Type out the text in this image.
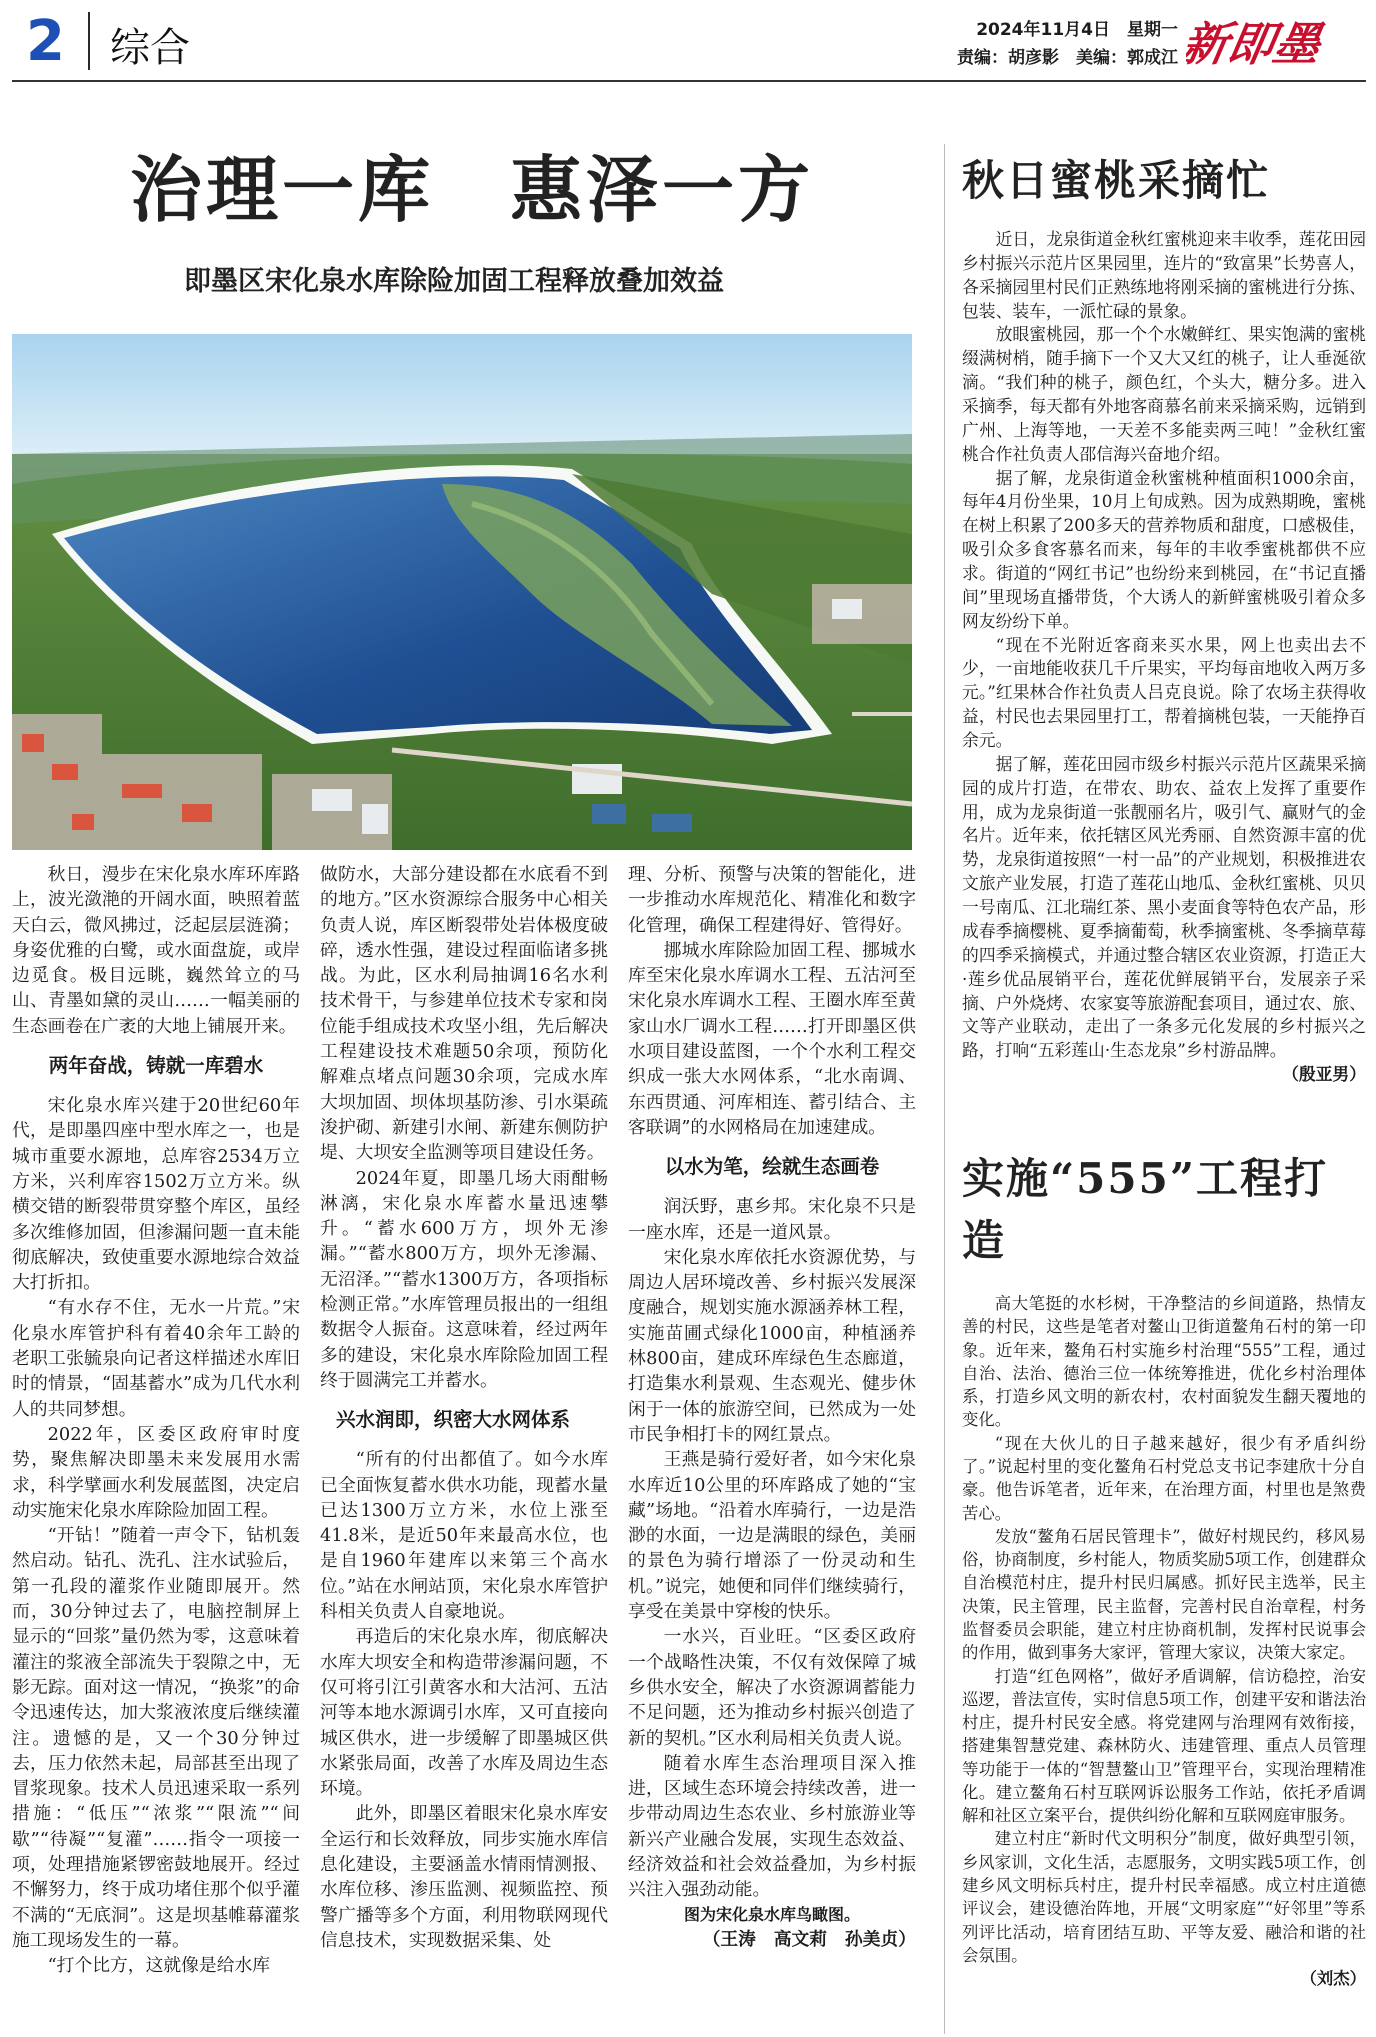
2 综合	2024年11月4日　星期一
责编：胡彦影　美编：郭成江 新即墨
治理一库　惠泽一方
即墨区宋化泉水库除险加固工程释放叠加效益

秋日，漫步在宋化泉水库环库路上，波光潋滟的开阔水面，映照着蓝天白云，微风拂过，泛起层层涟漪；身姿优雅的白鹭，或水面盘旋，或岸边觅食。极目远眺，巍然耸立的马山、青墨如黛的灵山……一幅美丽的生态画卷在广袤的大地上铺展开来。

两年奋战，铸就一库碧水

宋化泉水库兴建于20世纪60年代，是即墨四座中型水库之一，也是城市重要水源地，总库容2534万立方米，兴利库容1502万立方米。纵横交错的断裂带贯穿整个库区，虽经多次维修加固，但渗漏问题一直未能彻底解决，致使重要水源地综合效益大打折扣。

“有水存不住，无水一片荒。”宋化泉水库管护科有着40余年工龄的老职工张毓泉向记者这样描述水库旧时的情景，“固基蓄水”成为几代水利人的共同梦想。

2022年，区委区政府审时度势，聚焦解决即墨未来发展用水需求，科学擘画水利发展蓝图，决定启动实施宋化泉水库除险加固工程。

“开钻！”随着一声令下，钻机轰然启动。钻孔、洗孔、注水试验后，第一孔段的灌浆作业随即展开。然而，30分钟过去了，电脑控制屏上显示的“回浆”量仍然为零，这意味着灌注的浆液全部流失于裂隙之中，无影无踪。面对这一情况，“换浆”的命令迅速传达，加大浆液浓度后继续灌注。遗憾的是，又一个30分钟过去，压力依然未起，局部甚至出现了冒浆现象。技术人员迅速采取一系列措施：“低压”“浓浆”“限流”“间歇”“待凝”“复灌”……指令一项接一项，处理措施紧锣密鼓地展开。经过不懈努力，终于成功堵住那个似乎灌不满的“无底洞”。这是坝基帷幕灌浆施工现场发生的一幕。

“打个比方，这就像是给水库

做防水，大部分建设都在水底看不到的地方。”区水资源综合服务中心相关负责人说，库区断裂带处岩体极度破碎，透水性强，建设过程面临诸多挑战。为此，区水利局抽调16名水利技术骨干，与参建单位技术专家和岗位能手组成技术攻坚小组，先后解决工程建设技术难题50余项，预防化解难点堵点问题30余项，完成水库大坝加固、坝体坝基防渗、引水渠疏浚护砌、新建引水闸、新建东侧防护堤、大坝安全监测等项目建设任务。

2024年夏，即墨几场大雨酣畅淋漓，宋化泉水库蓄水量迅速攀升。“蓄水600万方，坝外无渗漏。”“蓄水800万方，坝外无渗漏、无沼泽。”“蓄水1300万方，各项指标检测正常。”水库管理员报出的一组组数据令人振奋。这意味着，经过两年多的建设，宋化泉水库除险加固工程终于圆满完工并蓄水。

兴水润即，织密大水网体系

“所有的付出都值了。如今水库已全面恢复蓄水供水功能，现蓄水量已达1300万立方米，水位上涨至41.8米，是近50年来最高水位，也是自1960年建库以来第三个高水位。”站在水闸站顶，宋化泉水库管护科相关负责人自豪地说。

再造后的宋化泉水库，彻底解决水库大坝安全和构造带渗漏问题，不仅可将引江引黄客水和大沽河、五沽河等本地水源调引水库，又可直接向城区供水，进一步缓解了即墨城区供水紧张局面，改善了水库及周边生态环境。

此外，即墨区着眼宋化泉水库安全运行和长效释放，同步实施水库信息化建设，主要涵盖水情雨情测报、水库位移、渗压监测、视频监控、预警广播等多个方面，利用物联网现代信息技术，实现数据采集、处

理、分析、预警与决策的智能化，进一步推动水库规范化、精准化和数字化管理，确保工程建得好、管得好。

挪城水库除险加固工程、挪城水库至宋化泉水库调水工程、五沽河至宋化泉水库调水工程、王圈水库至黄家山水厂调水工程……打开即墨区供水项目建设蓝图，一个个水利工程交织成一张大水网体系，“北水南调、东西贯通、河库相连、蓄引结合、主客联调”的水网格局在加速建成。

以水为笔，绘就生态画卷

润沃野，惠乡邦。宋化泉不只是一座水库，还是一道风景。

宋化泉水库依托水资源优势，与周边人居环境改善、乡村振兴发展深度融合，规划实施水源涵养林工程，实施苗圃式绿化1000亩，种植涵养林800亩，建成环库绿色生态廊道，打造集水利景观、生态观光、健步休闲于一体的旅游空间，已然成为一处市民争相打卡的网红景点。

王燕是骑行爱好者，如今宋化泉水库近10公里的环库路成了她的“宝藏”场地。“沿着水库骑行，一边是浩渺的水面，一边是满眼的绿色，美丽的景色为骑行增添了一份灵动和生机。”说完，她便和同伴们继续骑行，享受在美景中穿梭的快乐。

一水兴，百业旺。“区委区政府一个战略性决策，不仅有效保障了城乡供水安全，解决了水资源调蓄能力不足问题，还为推动乡村振兴创造了新的契机。”区水利局相关负责人说。

随着水库生态治理项目深入推进，区域生态环境会持续改善，进一步带动周边生态农业、乡村旅游业等新兴产业融合发展，实现生态效益、经济效益和社会效益叠加，为乡村振兴注入强劲动能。

图为宋化泉水库鸟瞰图。
（王涛　高文莉　孙美贞）
秋日蜜桃采摘忙

近日，龙泉街道金秋红蜜桃迎来丰收季，莲花田园乡村振兴示范片区果园里，连片的“致富果”长势喜人，各采摘园里村民们正熟练地将刚采摘的蜜桃进行分拣、包装、装车，一派忙碌的景象。

放眼蜜桃园，那一个个水嫩鲜红、果实饱满的蜜桃缀满树梢，随手摘下一个又大又红的桃子，让人垂涎欲滴。“我们种的桃子，颜色红，个头大，糖分多。进入采摘季，每天都有外地客商慕名前来采摘采购，远销到广州、上海等地，一天差不多能卖两三吨！”金秋红蜜桃合作社负责人邵信海兴奋地介绍。

据了解，龙泉街道金秋蜜桃种植面积1000余亩，每年4月份坐果，10月上旬成熟。因为成熟期晚，蜜桃在树上积累了200多天的营养物质和甜度，口感极佳，吸引众多食客慕名而来，每年的丰收季蜜桃都供不应求。街道的“网红书记”也纷纷来到桃园，在“书记直播间”里现场直播带货，个大诱人的新鲜蜜桃吸引着众多网友纷纷下单。

“现在不光附近客商来买水果，网上也卖出去不少，一亩地能收获几千斤果实，平均每亩地收入两万多元。”红果林合作社负责人吕克良说。除了农场主获得收益，村民也去果园里打工，帮着摘桃包装，一天能挣百余元。

据了解，莲花田园市级乡村振兴示范片区蔬果采摘园的成片打造，在带农、助农、益农上发挥了重要作用，成为龙泉街道一张靓丽名片，吸引气、赢财气的金名片。近年来，依托辖区风光秀丽、自然资源丰富的优势，龙泉街道按照“一村一品”的产业规划，积极推进农文旅产业发展，打造了莲花山地瓜、金秋红蜜桃、贝贝一号南瓜、江北瑞红茶、黑小麦面食等特色农产品，形成春季摘樱桃、夏季摘葡萄，秋季摘蜜桃、冬季摘草莓的四季采摘模式，并通过整合辖区农业资源，打造正大·莲乡优品展销平台，莲花优鲜展销平台，发展亲子采摘、户外烧烤、农家宴等旅游配套项目，通过农、旅、文等产业联动，走出了一条多元化发展的乡村振兴之路，打响“五彩莲山·生态龙泉”乡村游品牌。

（殷亚男）
实施“555”工程打造

高大笔挺的水杉树，干净整洁的乡间道路，热情友善的村民，这些是笔者对鳌山卫街道鳌角石村的第一印象。近年来，鳌角石村实施乡村治理“555”工程，通过自治、法治、德治三位一体统筹推进，优化乡村治理体系，打造乡风文明的新农村，农村面貌发生翻天覆地的变化。

“现在大伙儿的日子越来越好，很少有矛盾纠纷了。”说起村里的变化鳌角石村党总支书记李建欣十分自豪。他告诉笔者，近年来，在治理方面，村里也是煞费苦心。

发放“鳌角石居民管理卡”，做好村规民约，移风易俗，协商制度，乡村能人，物质奖励5项工作，创建群众自治模范村庄，提升村民归属感。抓好民主选举，民主决策，民主管理，民主监督，完善村民自治章程，村务监督委员会职能，建立村庄协商机制，发挥村民说事会的作用，做到事务大家评，管理大家议，决策大家定。

打造“红色网格”，做好矛盾调解，信访稳控，治安巡逻，普法宣传，实时信息5项工作，创建平安和谐法治村庄，提升村民安全感。将党建网与治理网有效衔接，搭建集智慧党建、森林防火、违建管理、重点人员管理等功能于一体的“智慧鳌山卫”管理平台，实现治理精准化。建立鳌角石村互联网诉讼服务工作站，依托矛盾调解和社区立案平台，提供纠纷化解和互联网庭审服务。

建立村庄“新时代文明积分”制度，做好典型引领，乡风家训，文化生活，志愿服务，文明实践5项工作，创建乡风文明标兵村庄，提升村民幸福感。成立村庄道德评议会，建设德治阵地，开展“文明家庭”“好邻里”等系列评比活动，培育团结互助、平等友爱、融洽和谐的社会氛围。

（刘杰）
